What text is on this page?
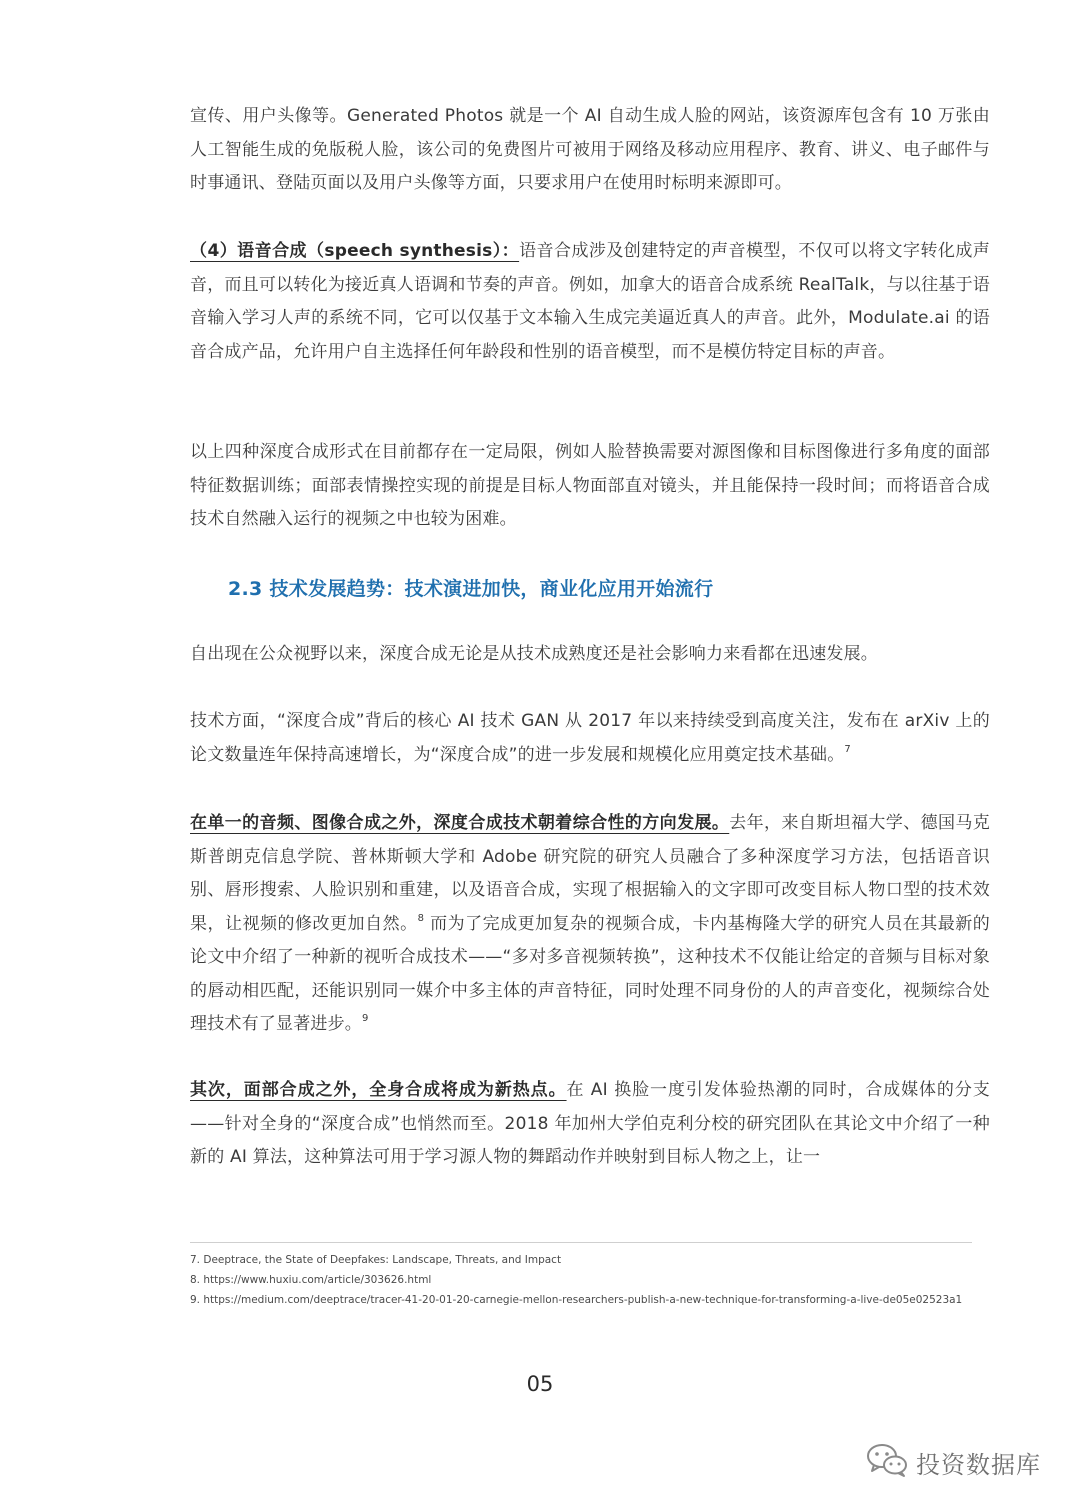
宣传、用户头像等。Generated Photos 就是一个 AI 自动生成人脸的网站，该资源库包含有 10 万张由人工智能生成的免版税人脸，该公司的免费图片可被用于网络及移动应用程序、教育、讲义、电子邮件与时事通讯、登陆页面以及用户头像等方面，只要求用户在使用时标明来源即可。

（4）语音合成（speech synthesis）：语音合成涉及创建特定的声音模型，不仅可以将文字转化成声音，而且可以转化为接近真人语调和节奏的声音。例如，加拿大的语音合成系统 RealTalk，与以往基于语音输入学习人声的系统不同，它可以仅基于文本输入生成完美逼近真人的声音。此外，Modulate.ai 的语音合成产品，允许用户自主选择任何年龄段和性别的语音模型，而不是模仿特定目标的声音。

以上四种深度合成形式在目前都存在一定局限，例如人脸替换需要对源图像和目标图像进行多角度的面部特征数据训练；面部表情操控实现的前提是目标人物面部直对镜头，并且能保持一段时间；而将语音合成技术自然融入运行的视频之中也较为困难。

2.3 技术发展趋势：技术演进加快，商业化应用开始流行

自出现在公众视野以来，深度合成无论是从技术成熟度还是社会影响力来看都在迅速发展。

技术方面，“深度合成”背后的核心 AI 技术 GAN 从 2017 年以来持续受到高度关注，发布在 arXiv 上的论文数量连年保持高速增长，为“深度合成”的进一步发展和规模化应用奠定技术基础。$^7$

在单一的音频、图像合成之外，深度合成技术朝着综合性的方向发展。去年，来自斯坦福大学、德国马克斯普朗克信息学院、普林斯顿大学和 Adobe 研究院的研究人员融合了多种深度学习方法，包括语音识别、唇形搜索、人脸识别和重建，以及语音合成，实现了根据输入的文字即可改变目标人物口型的技术效果，让视频的修改更加自然。$^8$ 而为了完成更加复杂的视频合成，卡内基梅隆大学的研究人员在其最新的论文中介绍了一种新的视听合成技术——“多对多音视频转换”，这种技术不仅能让给定的音频与目标对象的唇动相匹配，还能识别同一媒介中多主体的声音特征，同时处理不同身份的人的声音变化，视频综合处理技术有了显著进步。$^9$

其次，面部合成之外，全身合成将成为新热点。在 AI 换脸一度引发体验热潮的同时，合成媒体的分支——针对全身的“深度合成”也悄然而至。2018 年加州大学伯克利分校的研究团队在其论文中介绍了一种新的 AI 算法，这种算法可用于学习源人物的舞蹈动作并映射到目标人物之上，让一

7. Deeptrace, the State of Deepfakes: Landscape, Threats, and Impact

8. https://www.huxiu.com/article/303626.html

9. https://medium.com/deeptrace/tracer-41-20-01-20-carnegie-mellon-researchers-publish-a-new-technique-for-transforming-a-live-de05e02523a1

05
投资数据库
